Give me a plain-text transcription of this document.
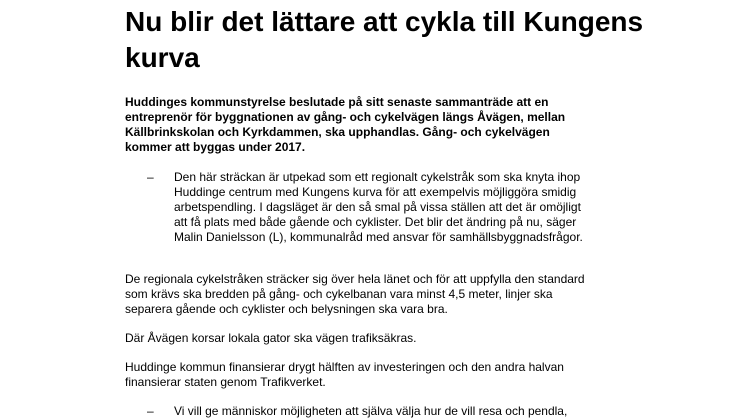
Nu blir det lättare att cykla till Kungens kurva

Huddinges kommunstyrelse beslutade på sitt senaste sammanträde att en entreprenör för byggnationen av gång- och cykelvägen längs Åvägen, mellan Källbrinkskolan och Kyrkdammen, ska upphandlas. Gång- och cykelvägen kommer att byggas under 2017.

– Den här sträckan är utpekad som ett regionalt cykelstråk som ska knyta ihop Huddinge centrum med Kungens kurva för att exempelvis möjliggöra smidig arbetspendling. I dagsläget är den så smal på vissa ställen att det är omöjligt att få plats med både gående och cyklister. Det blir det ändring på nu, säger Malin Danielsson (L), kommunalråd med ansvar för samhällsbyggnadsfrågor.

De regionala cykelstråken sträcker sig över hela länet och för att uppfylla den standard som krävs ska bredden på gång- och cykelbanan vara minst 4,5 meter, linjer ska separera gående och cyklister och belysningen ska vara bra.

Där Åvägen korsar lokala gator ska vägen trafiksäkras.

Huddinge kommun finansierar drygt hälften av investeringen och den andra halvan finansierar staten genom Trafikverket.

– Vi vill ge människor möjligheten att själva välja hur de vill resa och pendla,
